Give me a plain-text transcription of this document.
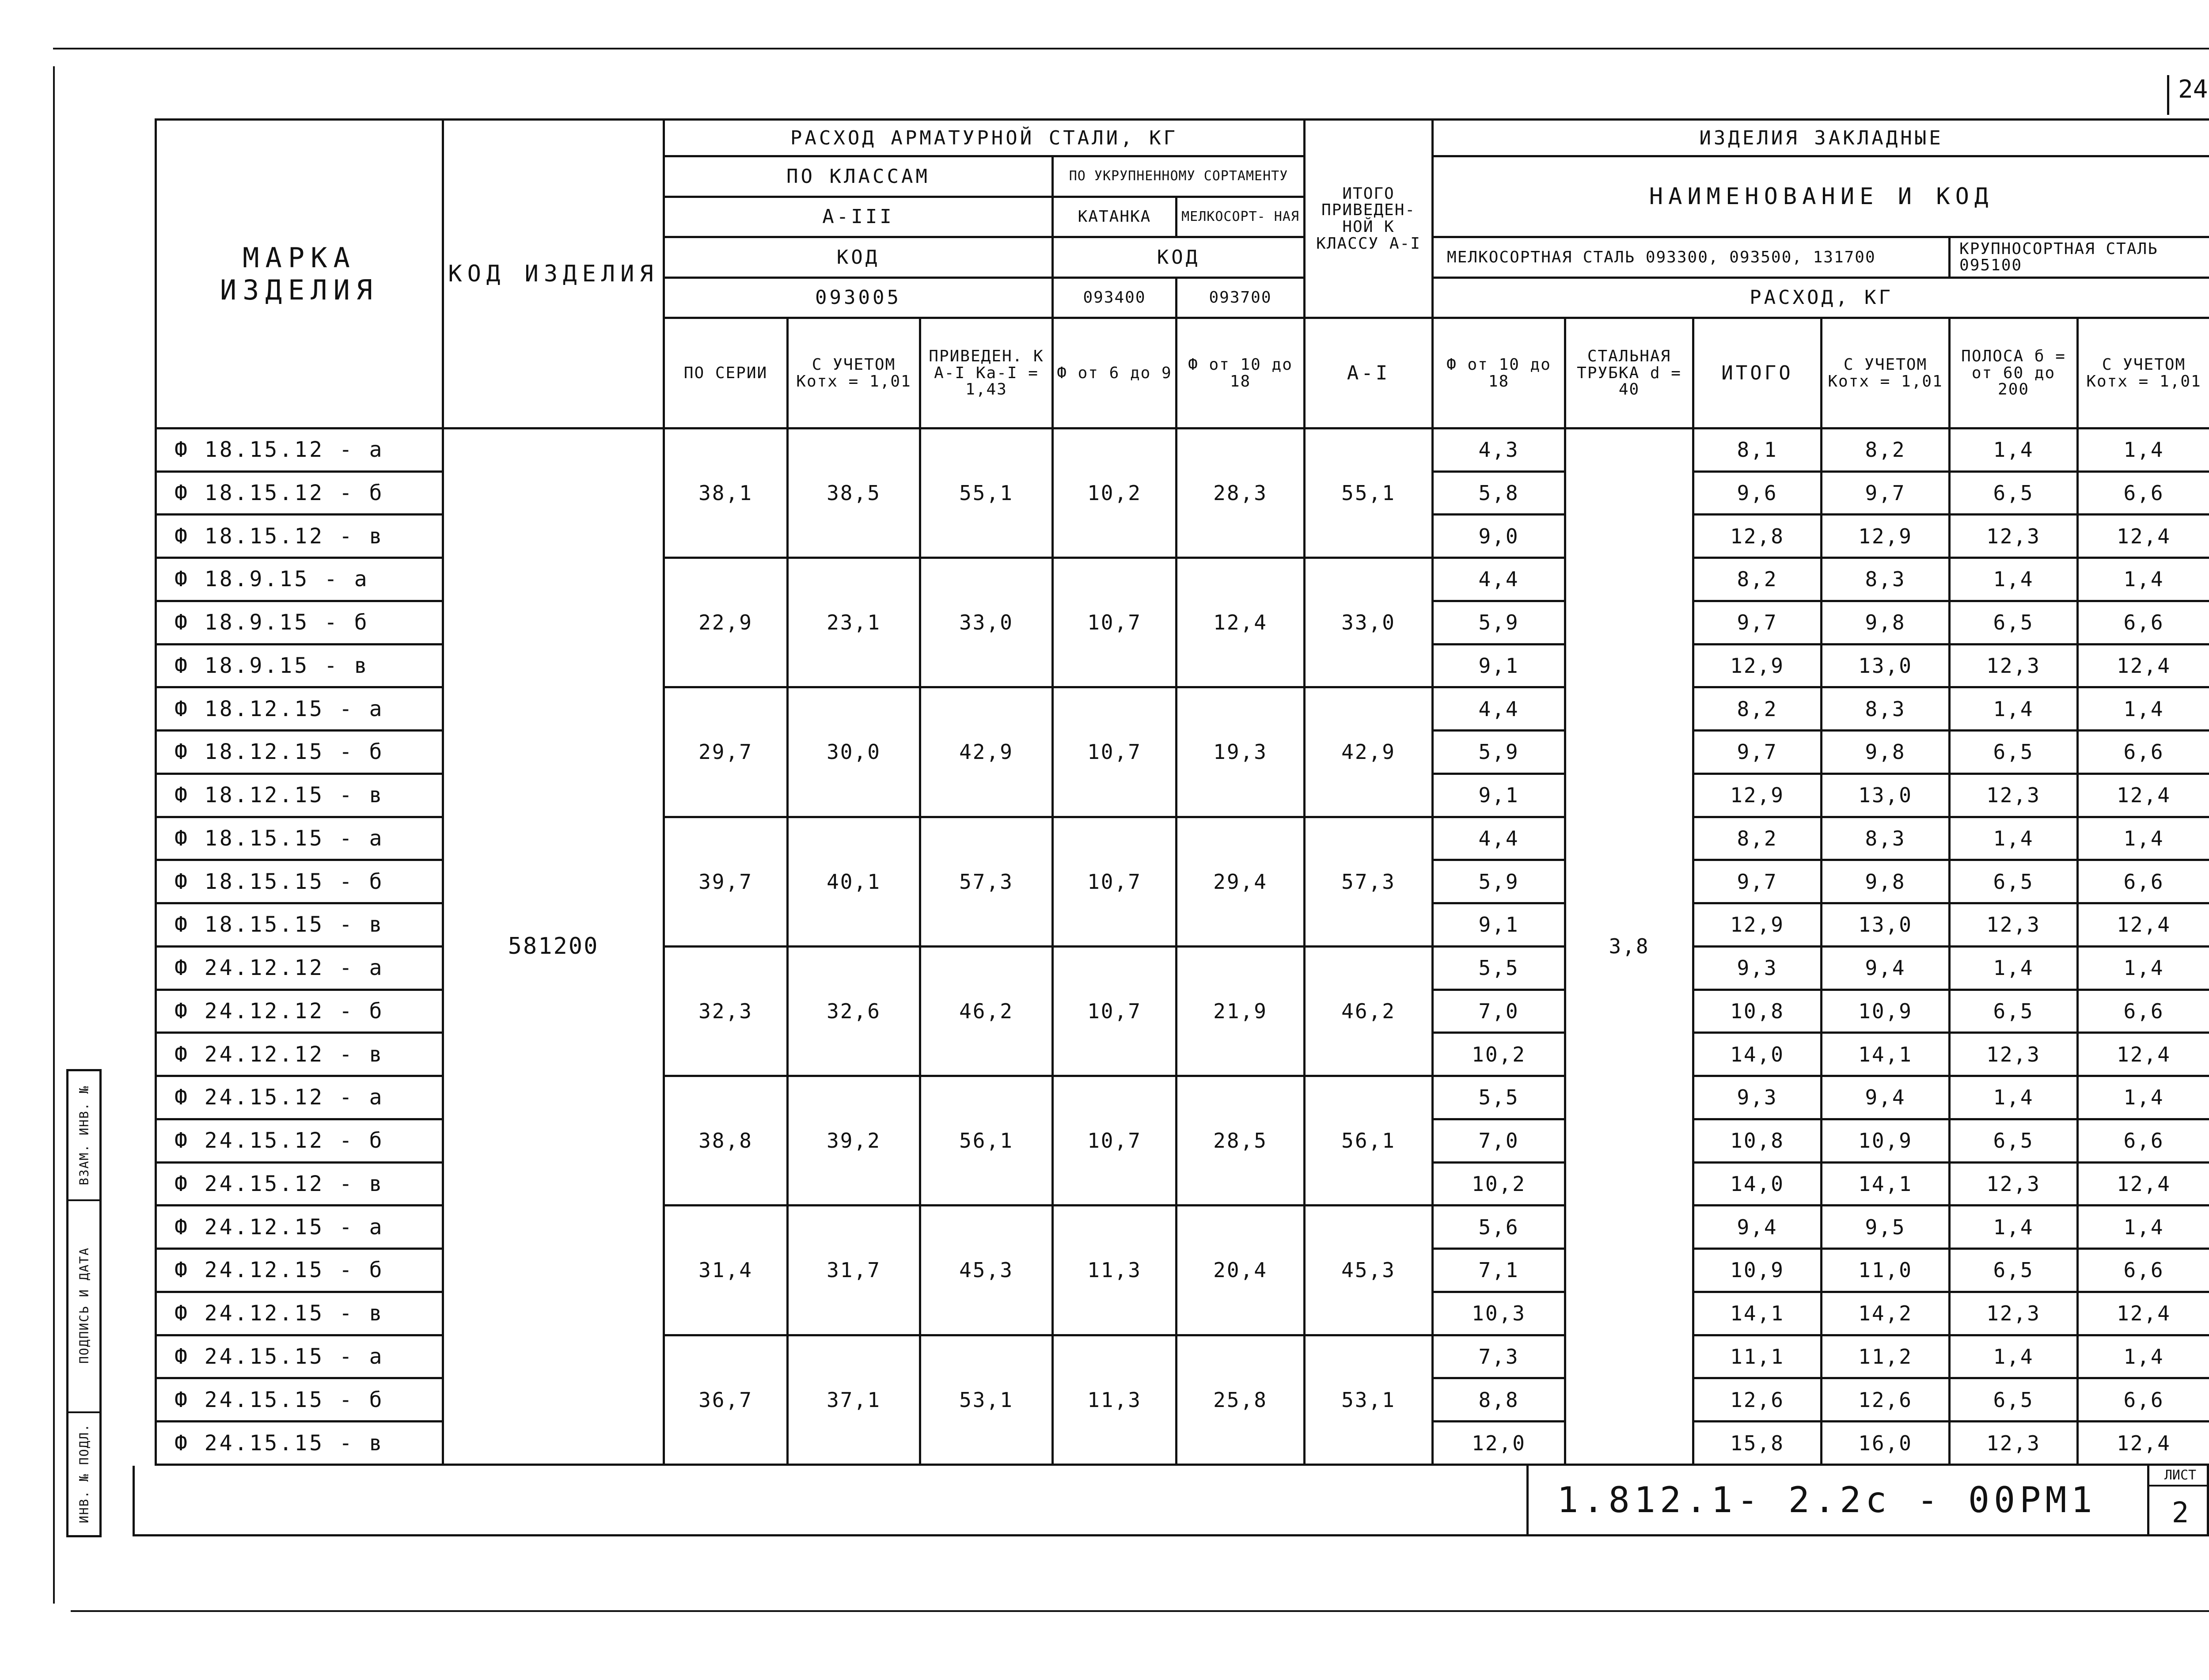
24
ВЗАМ. ИНВ. №
ПОДПИСЬ И ДАТА
ИНВ. № ПОДЛ.
МАРКА ИЗДЕЛИЯ	КОД ИЗДЕЛИЯ	РАСХОД АРМАТУРНОЙ СТАЛИ, КГ					ИТОГО ПРИВЕДЕН- НОЙ К КЛАССУ А-I	ИЗДЕЛИЯ ЗАКЛАДНЫЕ					
		ПО КЛАССАМ			ПО УКРУПНЕННОМУ СОРТАМЕНТУ			НАИМЕНОВАНИЕ И КОД					
		А-III			КАТАНКА	МЕЛКОСОРТ- НАЯ							
		КОД			КОД			МЕЛКОСОРТНАЯ СТАЛЬ 093300, 093500, 131700				КРУПНОСОРТНАЯ СТАЛЬ 095100	
		093005			093400	093700		РАСХОД, КГ					
		ПО СЕРИИ	С УЧЕТОМ Котх = 1,01	ПРИВЕДЕН. К А-I Ка-I = 1,43	Ф от 6 до 9	Ф от 10 до 18	А-I	Ф от 10 до 18	СТАЛЬНАЯ ТРУБКА d = 40	ИТОГО	С УЧЕТОМ Котх = 1,01	ПОЛОСА б = от 60 до 200	С УЧЕТОМ Котх = 1,01
Ф 18.15.12 - а	581200	38,1	38,5	55,1	10,2	28,3	55,1	4,3	3,8	8,1	8,2	1,4	1,4
Ф 18.15.12 - б								5,8		9,6	9,7	6,5	6,6
Ф 18.15.12 - в								9,0		12,8	12,9	12,3	12,4
Ф 18.9.15 - а		22,9	23,1	33,0	10,7	12,4	33,0	4,4		8,2	8,3	1,4	1,4
Ф 18.9.15 - б								5,9		9,7	9,8	6,5	6,6
Ф 18.9.15 - в								9,1		12,9	13,0	12,3	12,4
Ф 18.12.15 - а		29,7	30,0	42,9	10,7	19,3	42,9	4,4		8,2	8,3	1,4	1,4
Ф 18.12.15 - б								5,9		9,7	9,8	6,5	6,6
Ф 18.12.15 - в								9,1		12,9	13,0	12,3	12,4
Ф 18.15.15 - а		39,7	40,1	57,3	10,7	29,4	57,3	4,4		8,2	8,3	1,4	1,4
Ф 18.15.15 - б								5,9		9,7	9,8	6,5	6,6
Ф 18.15.15 - в								9,1		12,9	13,0	12,3	12,4
Ф 24.12.12 - а		32,3	32,6	46,2	10,7	21,9	46,2	5,5		9,3	9,4	1,4	1,4
Ф 24.12.12 - б								7,0		10,8	10,9	6,5	6,6
Ф 24.12.12 - в								10,2		14,0	14,1	12,3	12,4
Ф 24.15.12 - а		38,8	39,2	56,1	10,7	28,5	56,1	5,5		9,3	9,4	1,4	1,4
Ф 24.15.12 - б								7,0		10,8	10,9	6,5	6,6
Ф 24.15.12 - в								10,2		14,0	14,1	12,3	12,4
Ф 24.12.15 - а		31,4	31,7	45,3	11,3	20,4	45,3	5,6		9,4	9,5	1,4	1,4
Ф 24.12.15 - б								7,1		10,9	11,0	6,5	6,6
Ф 24.12.15 - в								10,3		14,1	14,2	12,3	12,4
Ф 24.15.15 - а		36,7	37,1	53,1	11,3	25,8	53,1	7,3		11,1	11,2	1,4	1,4
Ф 24.15.15 - б								8,8		12,6	12,6	6,5	6,6
Ф 24.15.15 - в								12,0		15,8	16,0	12,3	12,4
1.812.1- 2.2с - 00РМ1
ЛИСТ
2
